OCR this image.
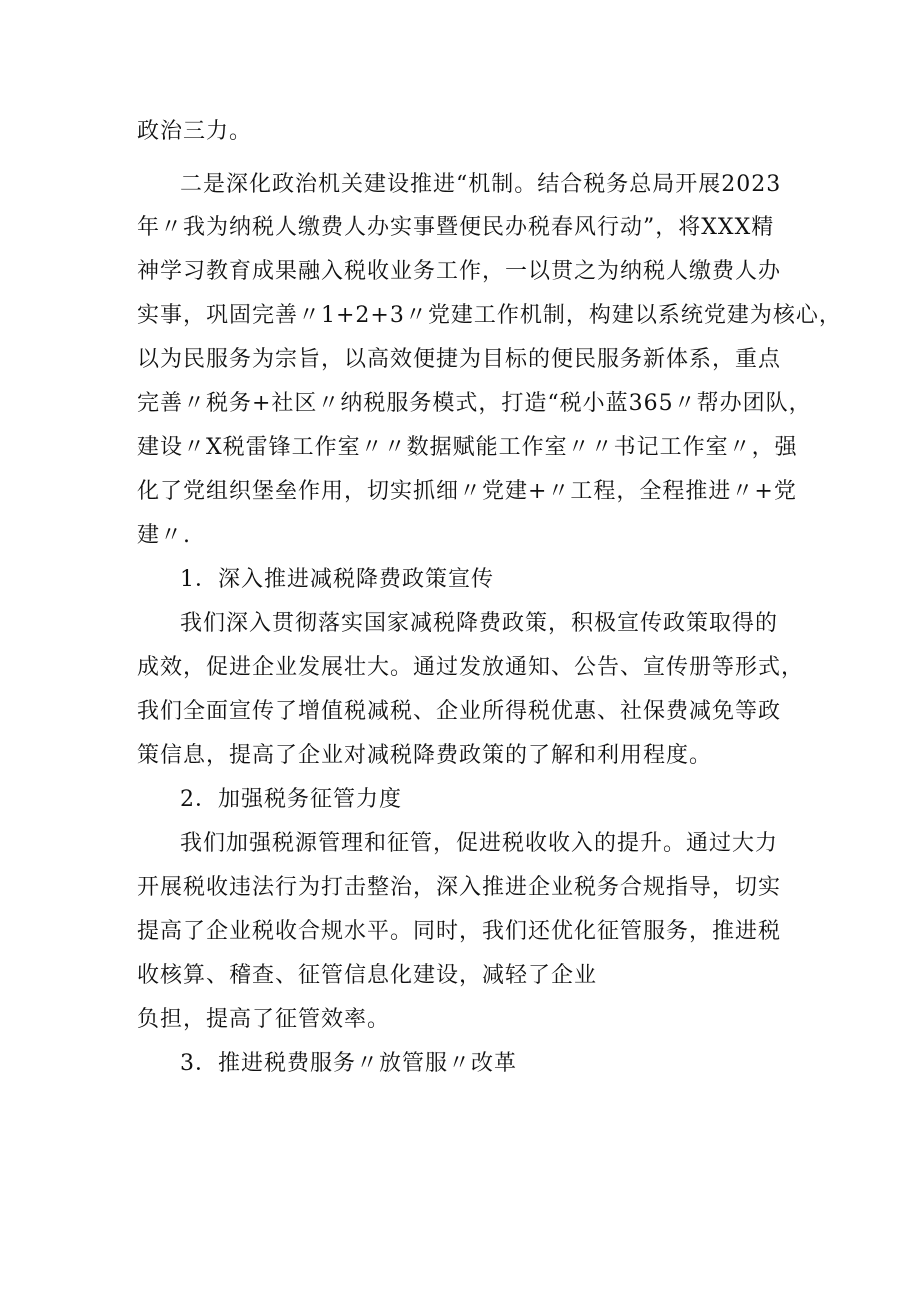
政治三力。
二是深化政治机关建设推进“机制。结合税务总局开展2023
年〃我为纳税人缴费人办实事暨便民办税春风行动”，将XXX精
神学习教育成果融入税收业务工作，一以贯之为纳税人缴费人办
实事，巩固完善〃1+2+3〃党建工作机制，构建以系统党建为核心，
以为民服务为宗旨，以高效便捷为目标的便民服务新体系，重点
完善〃税务+社区〃纳税服务模式，打造“税小蓝365〃帮办团队，
建设〃X税雷锋工作室〃〃数据赋能工作室〃〃书记工作室〃，强
化了党组织堡垒作用，切实抓细〃党建+〃工程，全程推进〃+党
建〃.
1．深入推进减税降费政策宣传
我们深入贯彻落实国家减税降费政策，积极宣传政策取得的
成效，促进企业发展壮大。通过发放通知、公告、宣传册等形式，
我们全面宣传了增值税减税、企业所得税优惠、社保费减免等政
策信息，提高了企业对减税降费政策的了解和利用程度。
2．加强税务征管力度
我们加强税源管理和征管，促进税收收入的提升。通过大力
开展税收违法行为打击整治，深入推进企业税务合规指导，切实
提高了企业税收合规水平。同时，我们还优化征管服务，推进税
收核算、稽查、征管信息化建设，减轻了企业
负担，提高了征管效率。
3．推进税费服务〃放管服〃改革
